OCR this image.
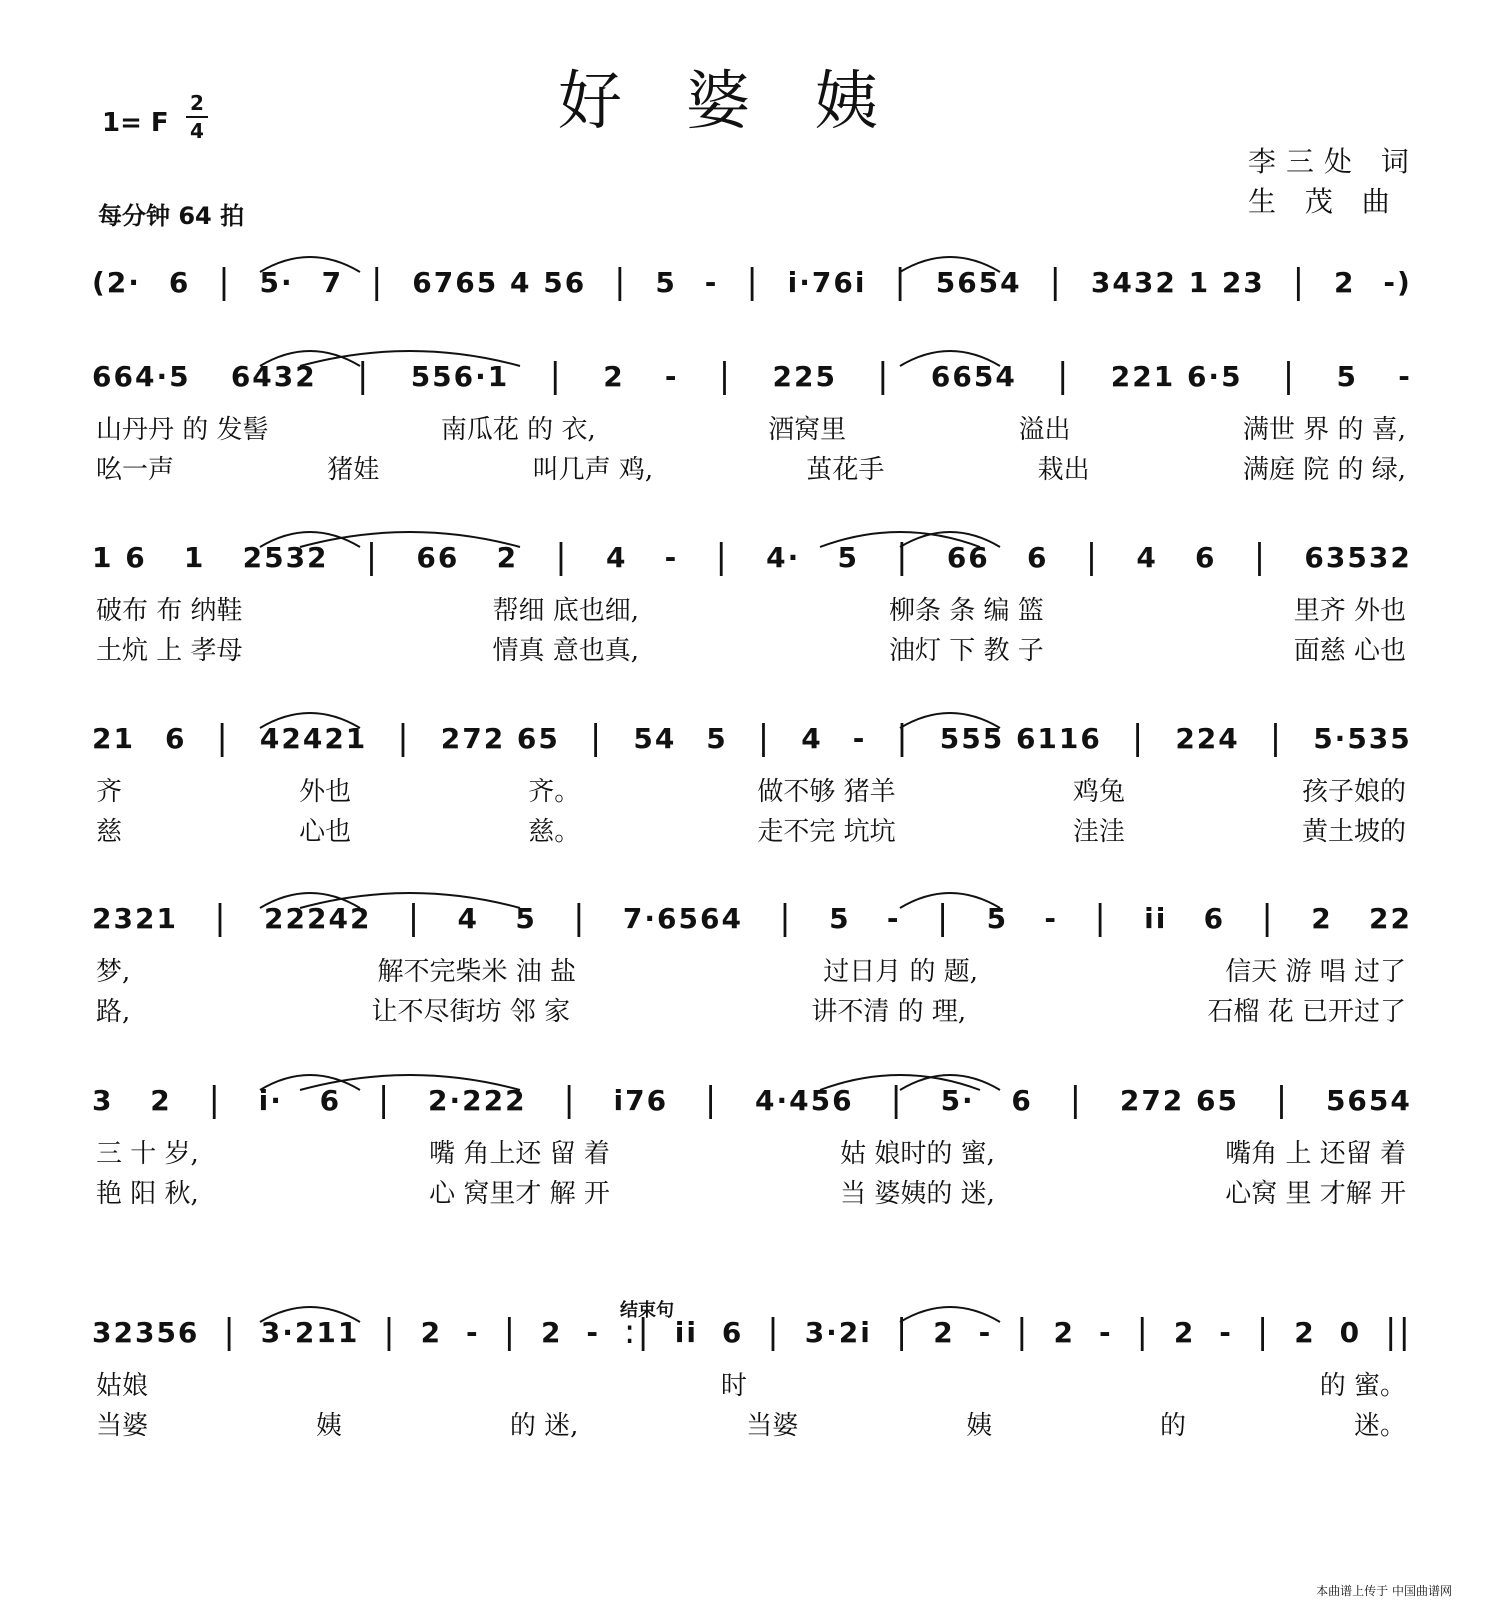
好婆姨
1= F
2
4
每分钟 64 拍
李三处 词
生 茂 曲
(2· 6 | 5· 7 | 6765 4 56 | 5 - | i·76i | 5654 | 3432 1 23 | 2 -)
664·5 6432 | 556·1 | 2 - | 225 | 6654 | 221 6·5 | 5 -
山丹丹 的 发髻	南瓜花 的 衣,	酒窝里	溢出	满世 界 的 喜,
吆一声	猪娃	叫几声 鸡,	茧花手	栽出	满庭 院 的 绿,
1 6 1 2532 | 66 2 | 4 - | 4· 5 | 66 6 | 4 6 | 63532
破布 布 纳鞋	帮细 底也细,	柳条 条 编 篮	里齐 外也
土炕 上 孝母	情真 意也真,	油灯 下 教 子	面慈 心也
21 6 | 42421 | 272 65 | 54 5 | 4 - | 555 6116 | 224 | 5·535
齐	外也	齐。	做不够 猪羊	鸡兔	孩子娘的
慈	心也	慈。	走不完 坑坑	洼洼	黄土坡的
2321 | 22242 | 4 5 | 7·6564 | 5 - | 5 - | ii 6 | 2 22
梦,	解不完柴米 油 盐	过日月 的 题,	信天 游 唱 过了
路,	让不尽街坊 邻 家	讲不清 的 理,	石榴 花 已开过了
3 2 | i· 6 | 2·222 | i76 | 4·456 | 5· 6 | 272 65 | 5654
三 十 岁,	嘴 角上还 留 着	姑 娘时的 蜜,	嘴角 上 还留 着
艳 阳 秋,	心 窝里才 解 开	当 婆姨的 迷,	心窝 里 才解 开
32356 | 3·211 | 2 - | 2 - :| ii 6 | 3·2i | 2 - | 2 - | 2 - | 2 0 ||
姑娘	时	的 蜜。
当婆	姨	的 迷,	当婆	姨	的	迷。
结束句
本曲谱上传于 中国曲谱网
